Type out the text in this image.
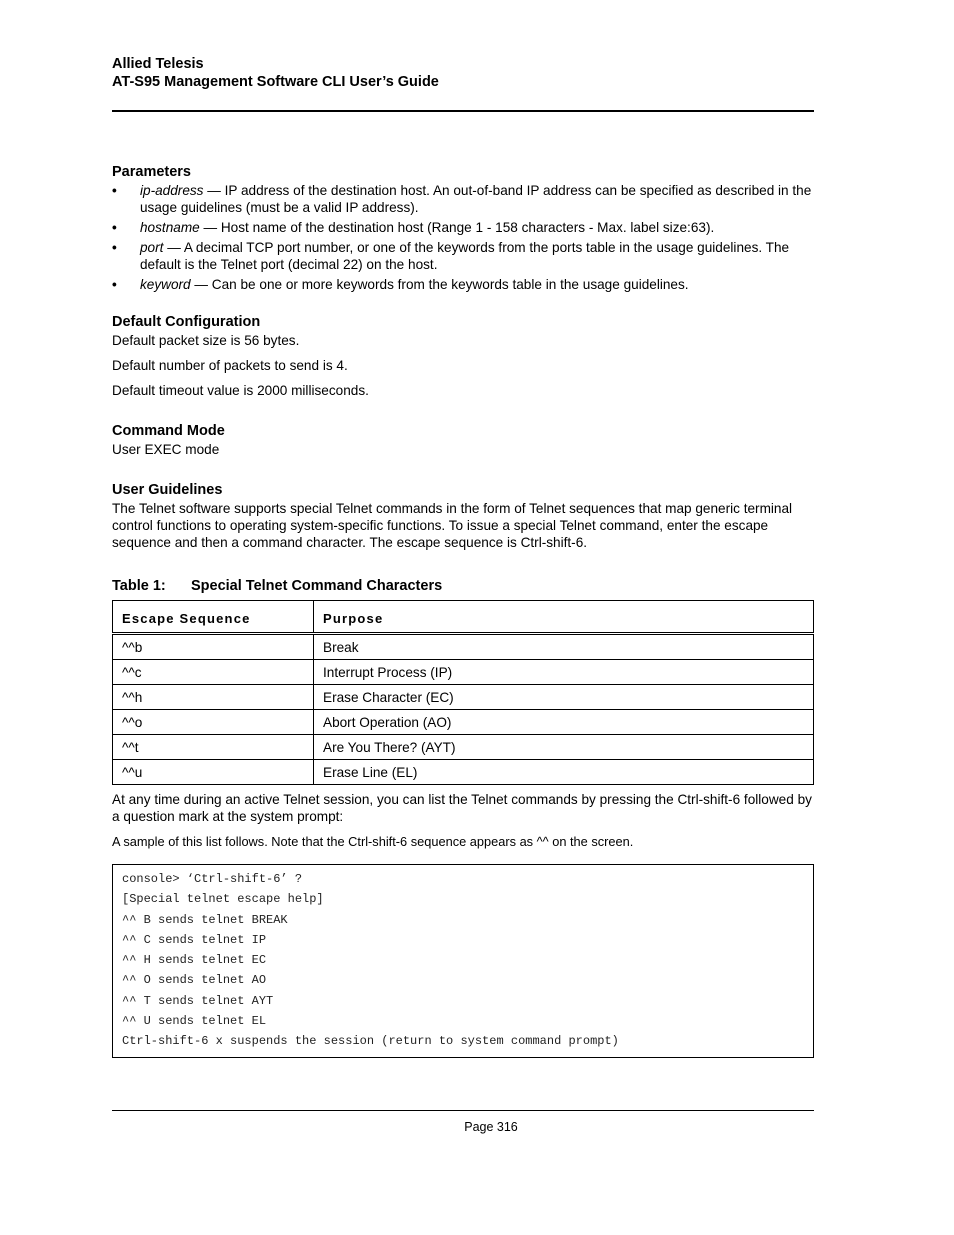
Allied Telesis
AT-S95 Management Software CLI User’s Guide
Parameters
• ip-address — IP address of the destination host. An out-of-band IP address can be specified as described in the usage guidelines (must be a valid IP address).
• hostname — Host name of the destination host (Range 1 - 158 characters - Max. label size:63).
• port — A decimal TCP port number, or one of the keywords from the ports table in the usage guidelines. The default is the Telnet port (decimal 22) on the host.
• keyword — Can be one or more keywords from the keywords table in the usage guidelines.
Default Configuration

Default packet size is 56 bytes.

Default number of packets to send is 4.

Default timeout value is 2000 milliseconds.

Command Mode

User EXEC mode

User Guidelines

The Telnet software supports special Telnet commands in the form of Telnet sequences that map generic terminal control functions to operating system-specific functions. To issue a special Telnet command, enter the escape sequence and then a command character. The escape sequence is Ctrl-shift-6.

Table 1: Special Telnet Command Characters
Escape Sequence	Purpose
^^b	Break
^^c	Interrupt Process (IP)
^^h	Erase Character (EC)
^^o	Abort Operation (AO)
^^t	Are You There? (AYT)
^^u	Erase Line (EL)

At any time during an active Telnet session, you can list the Telnet commands by pressing the Ctrl-shift-6 followed by a question mark at the system prompt:

A sample of this list follows. Note that the Ctrl-shift-6 sequence appears as ^^ on the screen.

console> ‘Ctrl-shift-6’ ?
[Special telnet escape help]
^^ B sends telnet BREAK
^^ C sends telnet IP
^^ H sends telnet EC
^^ O sends telnet AO
^^ T sends telnet AYT
^^ U sends telnet EL
Ctrl-shift-6 x suspends the session (return to system command prompt)
Page 316
